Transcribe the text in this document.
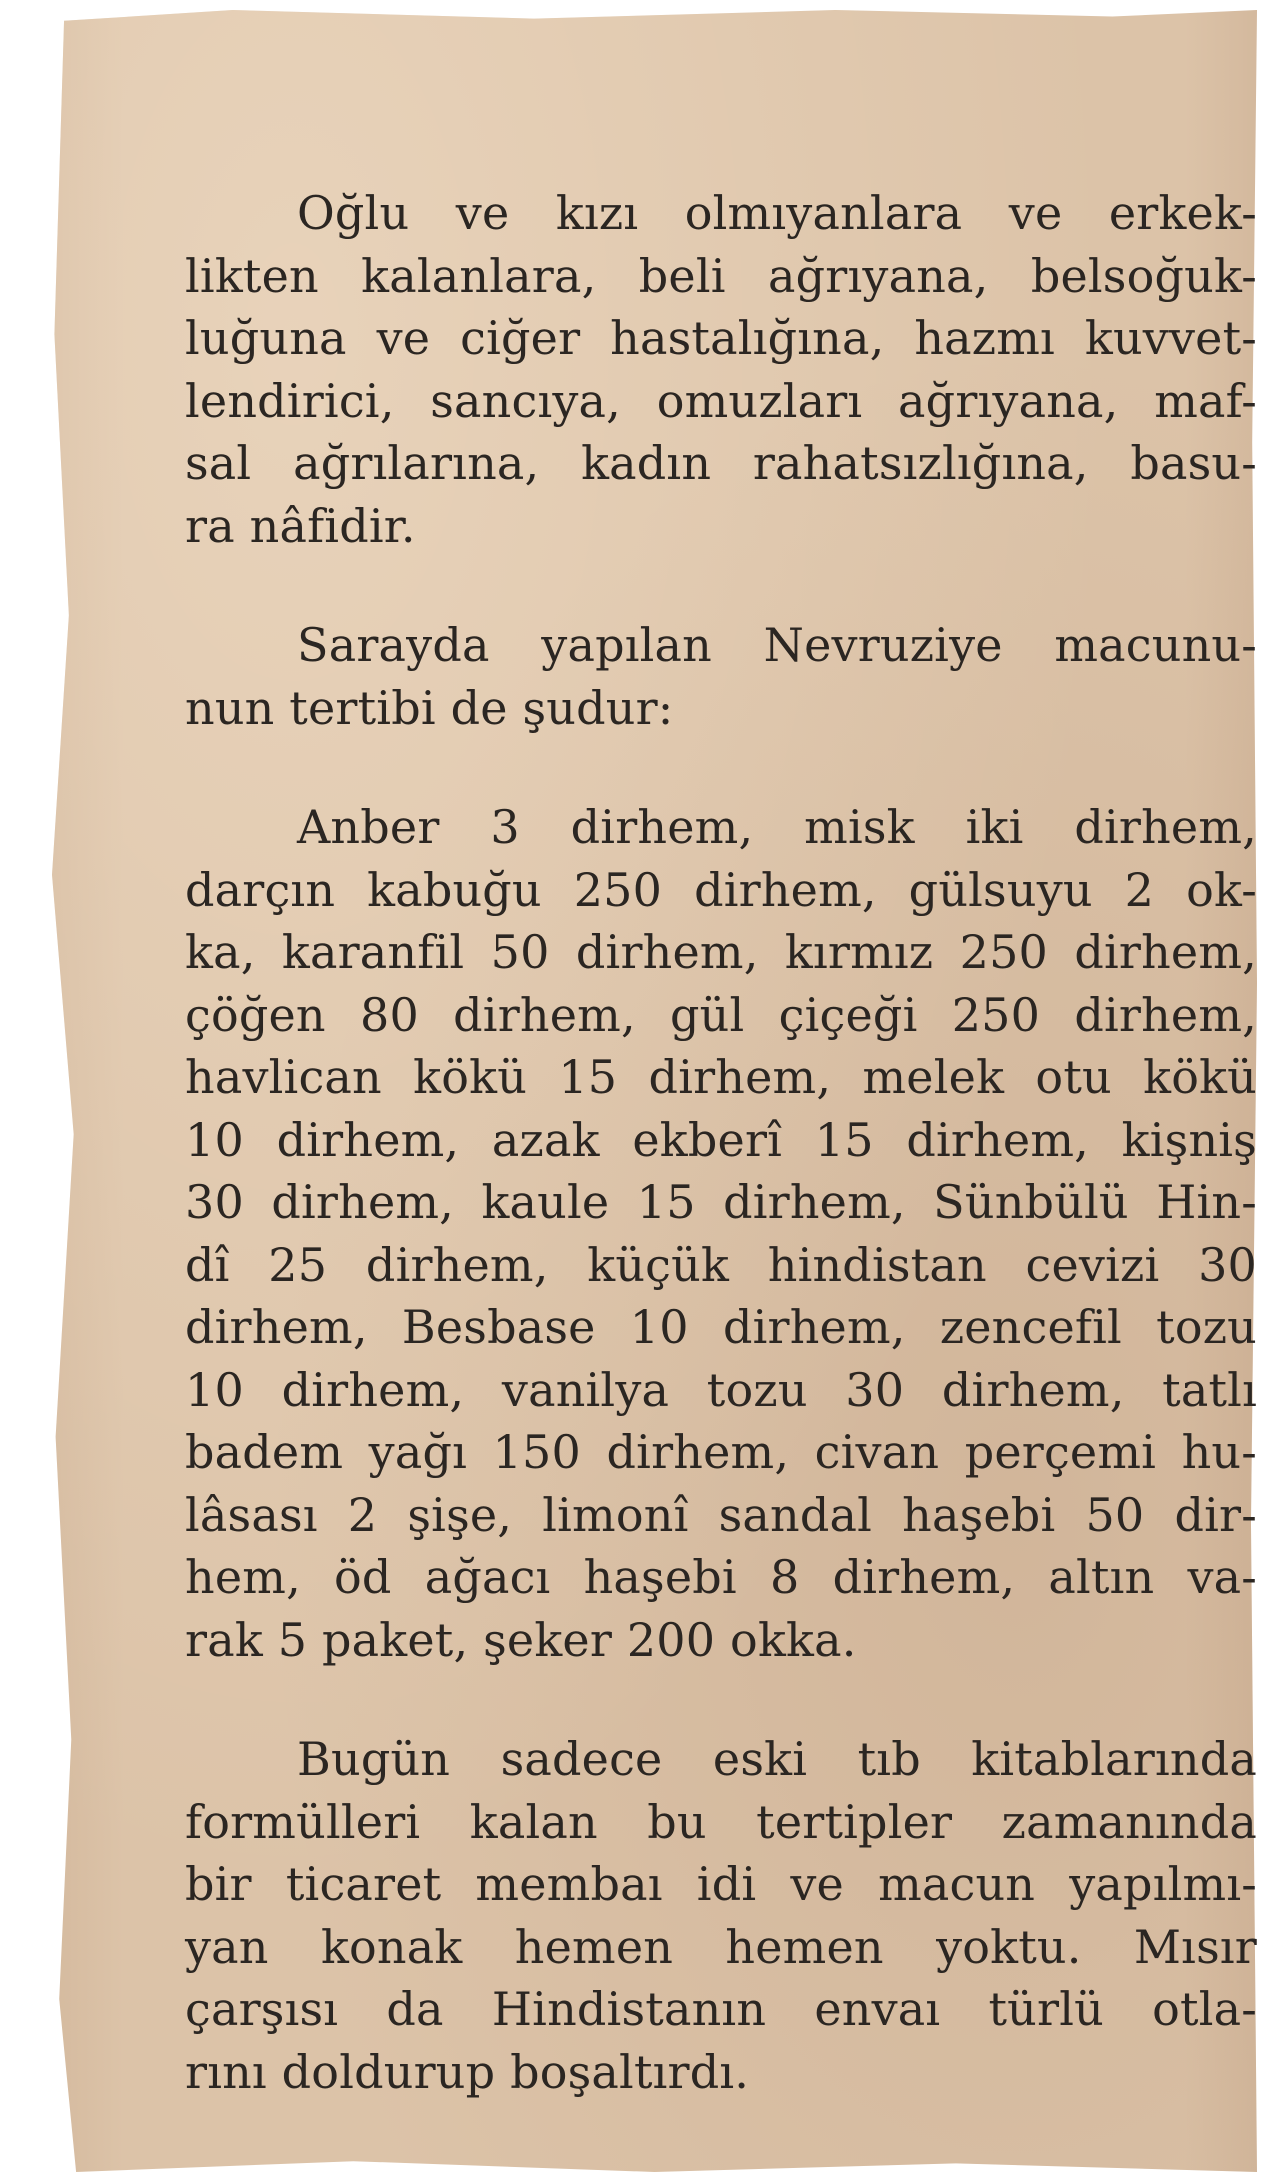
Oğlu ve kızı olmıyanlara ve erkek-
likten kalanlara, beli ağrıyana, belsoğuk-
luğuna ve ciğer hastalığına, hazmı kuvvet-
lendirici, sancıya, omuzları ağrıyana, maf-
sal ağrılarına, kadın rahatsızlığına, basu-
ra nâfidir.

Sarayda yapılan Nevruziye macunu-
nun tertibi de şudur:

Anber 3 dirhem, misk iki dirhem,
darçın kabuğu 250 dirhem, gülsuyu 2 ok-
ka, karanfil 50 dirhem, kırmız 250 dirhem,
çöğen 80 dirhem, gül çiçeği 250 dirhem,
havlican kökü 15 dirhem, melek otu kökü
10 dirhem, azak ekberî 15 dirhem, kişniş
30 dirhem, kaule 15 dirhem, Sünbülü Hin-
dî 25 dirhem, küçük hindistan cevizi 30
dirhem, Besbase 10 dirhem, zencefil tozu
10 dirhem, vanilya tozu 30 dirhem, tatlı
badem yağı 150 dirhem, civan perçemi hu-
lâsası 2 şişe, limonî sandal haşebi 50 dir-
hem, öd ağacı haşebi 8 dirhem, altın va-
rak 5 paket, şeker 200 okka.

Bugün sadece eski tıb kitablarında
formülleri kalan bu tertipler zamanında
bir ticaret membaı idi ve macun yapılmı-
yan konak hemen hemen yoktu. Mısır
çarşısı da Hindistanın envaı türlü otla-
rını doldurup boşaltırdı.
